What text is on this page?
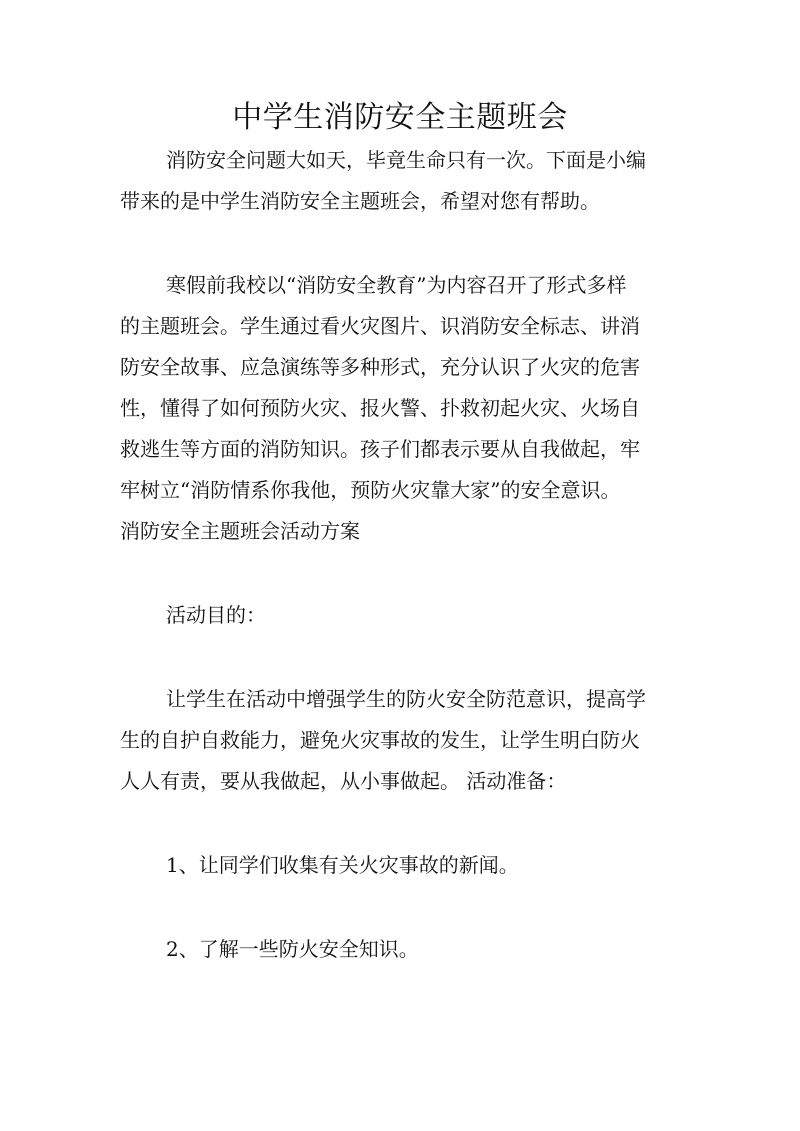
中学生消防安全主题班会

消防安全问题大如天，毕竟生命只有一次。下面是小编

带来的是中学生消防安全主题班会，希望对您有帮助。

寒假前我校以“消防安全教育”为内容召开了形式多样

的主题班会。学生通过看火灾图片、识消防安全标志、讲消

防安全故事、应急演练等多种形式，充分认识了火灾的危害

性，懂得了如何预防火灾、报火警、扑救初起火灾、火场自

救逃生等方面的消防知识。孩子们都表示要从自我做起，牢

牢树立“消防情系你我他，预防火灾靠大家”的安全意识。

消防安全主题班会活动方案

活动目的：

让学生在活动中增强学生的防火安全防范意识，提高学

生的自护自救能力，避免火灾事故的发生，让学生明白防火

人人有责，要从我做起，从小事做起。 活动准备：

1、让同学们收集有关火灾事故的新闻。

2、了解一些防火安全知识。
